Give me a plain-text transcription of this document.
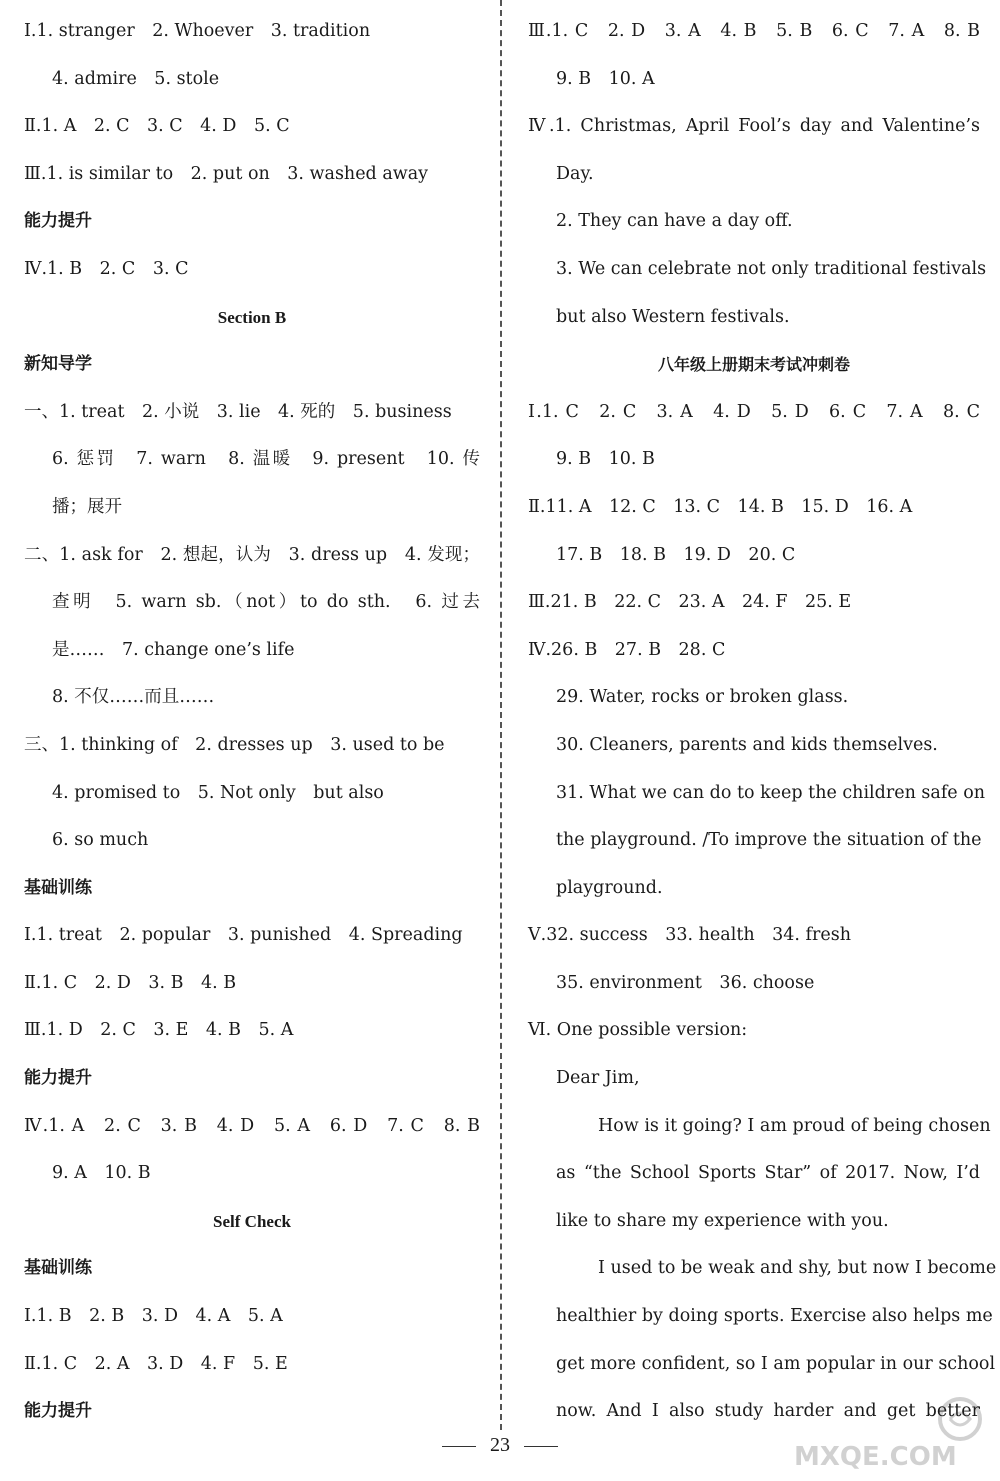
Ⅰ.1. stranger　2. Whoever　3. tradition
4. admire　5. stole
Ⅱ.1. A　2. C　3. C　4. D　5. C
Ⅲ.1. is similar to　2. put on　3. washed away
能力提升
Ⅳ.1. B　2. C　3. C
Section B
新知导学
一、1. treat　2. 小说　3. lie　4. 死的　5. business
6. 惩罚　7. warn　8. 温暖　9. present　10. 传
播；展开
二、1. ask for　2. 想起，认为　3. dress up　4. 发现；
查明　5. warn sb.（not）to do sth.　6. 过去
是……　7. change one’s life
8. 不仅……而且……
三、1. thinking of　2. dresses up　3. used to be
4. promised to　5. Not only　but also
6. so much
基础训练
Ⅰ.1. treat　2. popular　3. punished　4. Spreading
Ⅱ.1. C　2. D　3. B　4. B
Ⅲ.1. D　2. C　3. E　4. B　5. A
能力提升
Ⅳ.1. A　2. C　3. B　4. D　5. A　6. D　7. C　8. B
9. A　10. B
Self Check
基础训练
Ⅰ.1. B　2. B　3. D　4. A　5. A
Ⅱ.1. C　2. A　3. D　4. F　5. E
能力提升
Ⅲ.1. C　2. D　3. A　4. B　5. B　6. C　7. A　8. B
9. B　10. A
Ⅳ.1. Christmas, April Fool’s day and Valentine’s
Day.
2. They can have a day off.
3. We can celebrate not only traditional festivals
but also Western festivals.
八年级上册期末考试冲刺卷
Ⅰ.1. C　2. C　3. A　4. D　5. D　6. C　7. A　8. C
9. B　10. B
Ⅱ.11. A　12. C　13. C　14. B　15. D　16. A
17. B　18. B　19. D　20. C
Ⅲ.21. B　22. C　23. A　24. F　25. E
Ⅳ.26. B　27. B　28. C
29. Water, rocks or broken glass.
30. Cleaners, parents and kids themselves.
31. What we can do to keep the children safe on
the playground. /To improve the situation of the
playground.
Ⅴ.32. success　33. health　34. fresh
35. environment　36. choose
Ⅵ. One possible version:
Dear Jim,
How is it going? I am proud of being chosen
as “the School Sports Star” of 2017. Now, I’d
like to share my experience with you.
I used to be weak and shy, but now I become
healthier by doing sports. Exercise also helps me
get more confident, so I am popular in our school
now. And I also study harder and get better
23	MXQE.COM
